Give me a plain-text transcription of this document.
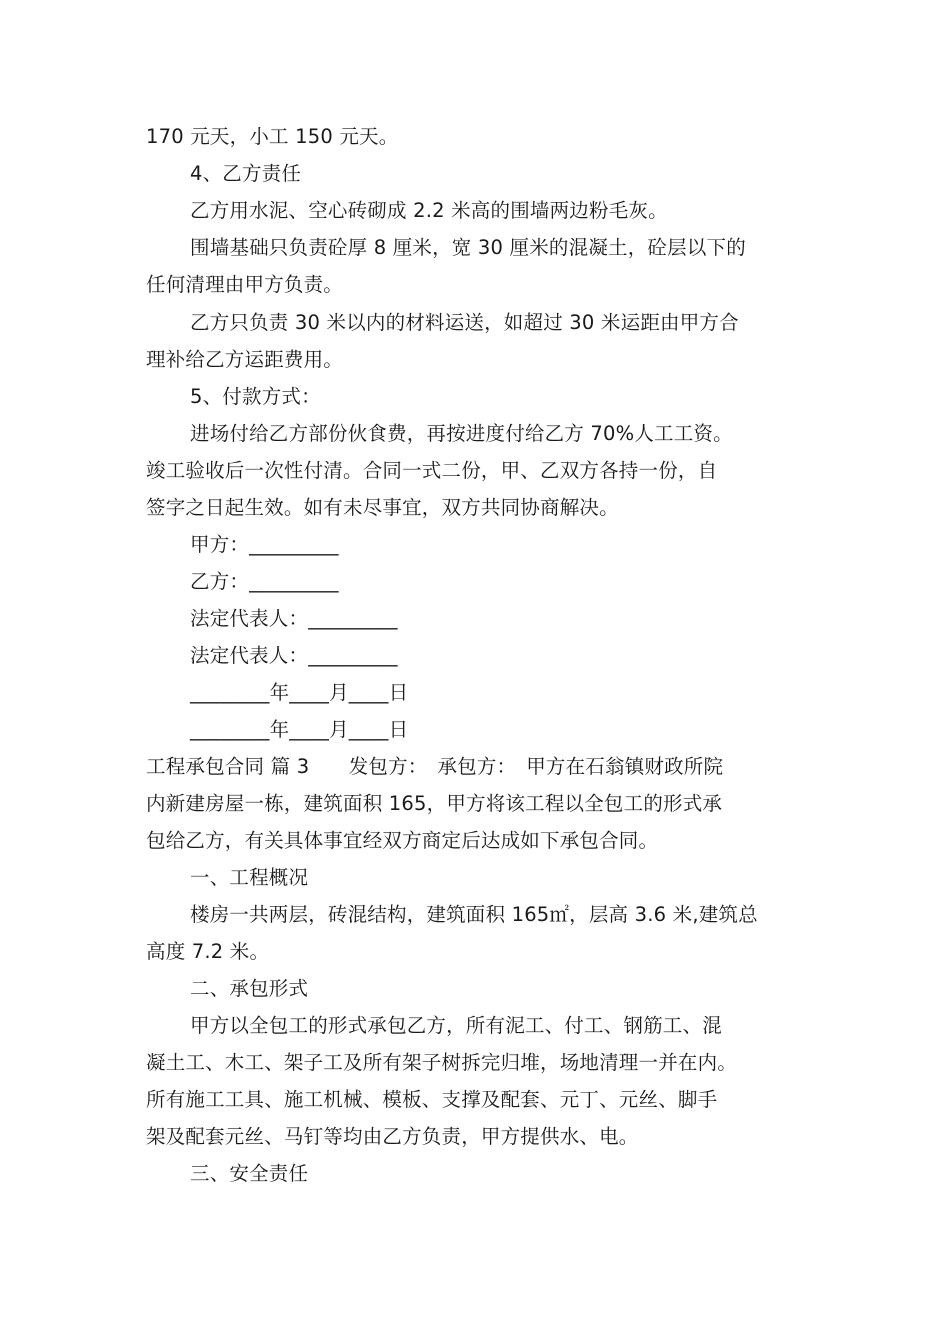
170 元天，小工 150 元天。
4、乙方责任
乙方用水泥、空心砖砌成 2.2 米高的围墙两边粉毛灰。
围墙基础只负责砼厚 8 厘米，宽 30 厘米的混凝土，砼层以下的
任何清理由甲方负责。
乙方只负责 30 米以内的材料运送，如超过 30 米运距由甲方合
理补给乙方运距费用。
5、付款方式：
进场付给乙方部份伙食费，再按进度付给乙方 70%人工工资。
竣工验收后一次性付清。合同一式二份，甲、乙双方各持一份，自
签字之日起生效。如有未尽事宜，双方共同协商解决。
甲方：_________
乙方：_________
法定代表人：_________
法定代表人：_________
________年____月____日
________年____月____日
工程承包合同 篇 3　　发包方：　承包方：　甲方在石翁镇财政所院
内新建房屋一栋，建筑面积 165，甲方将该工程以全包工的形式承
包给乙方，有关具体事宜经双方商定后达成如下承包合同。
一、工程概况
楼房一共两层，砖混结构，建筑面积 165㎡，层高 3.6 米,建筑总
高度 7.2 米。
二、承包形式
甲方以全包工的形式承包乙方，所有泥工、付工、钢筋工、混
凝土工、木工、架子工及所有架子树拆完归堆，场地清理一并在内。
所有施工工具、施工机械、模板、支撑及配套、元丁、元丝、脚手
架及配套元丝、马钉等均由乙方负责，甲方提供水、电。
三、安全责任
